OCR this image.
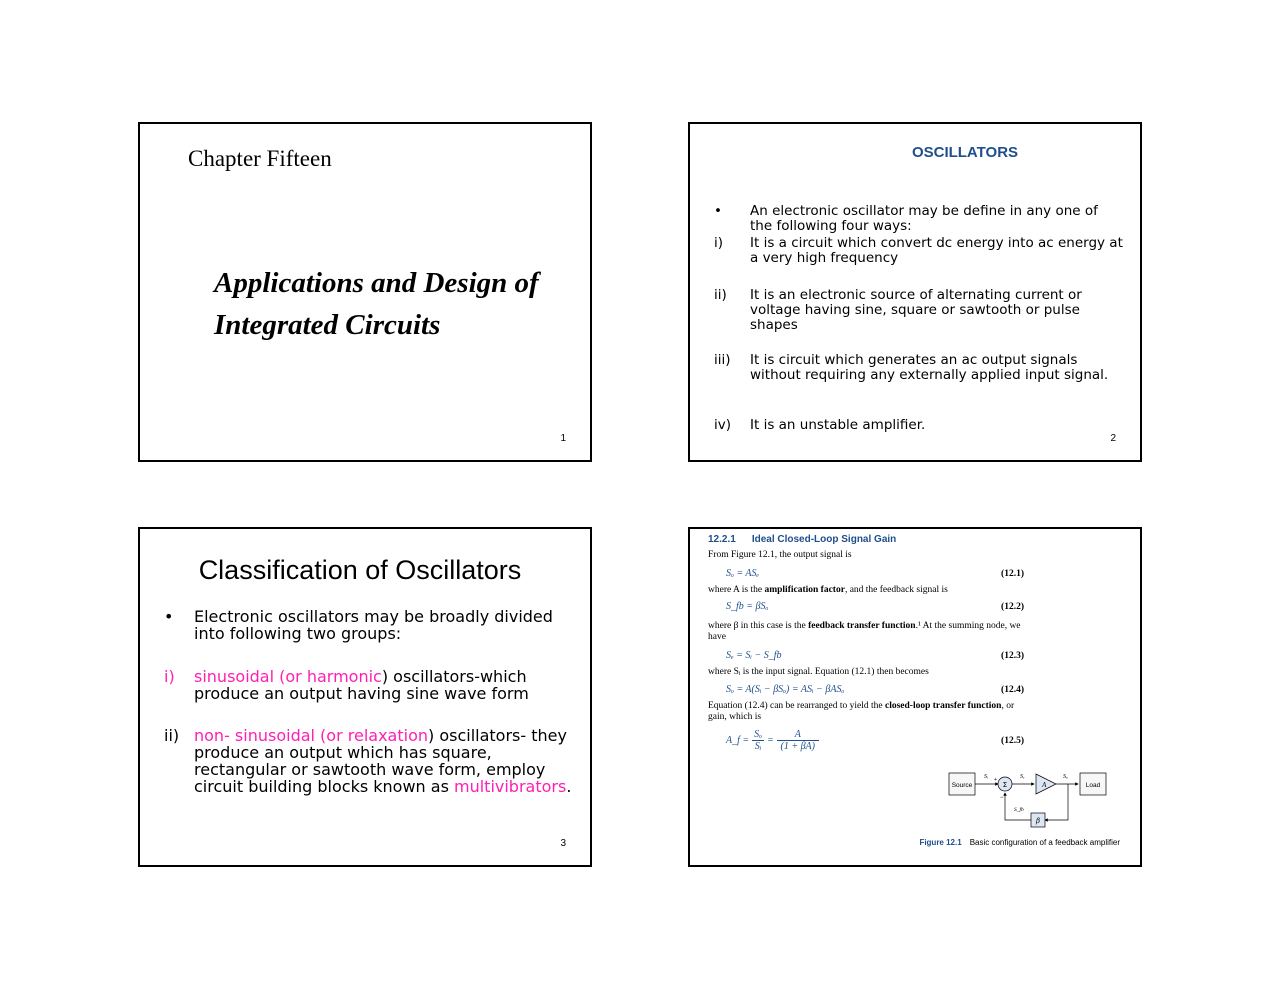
Chapter Fifteen
Applications and Design of
Integrated Circuits
1
OSCILLATORS
• An electronic oscillator may be define in any one of the following four ways:
i) It is a circuit which convert dc energy into ac energy at a very high frequency
ii) It is an electronic source of alternating current or voltage having sine, square or sawtooth or pulse shapes
iii) It is circuit which generates an ac output signals without requiring any externally applied input signal.
iv) It is an unstable amplifier.
2
Classification of Oscillators
• Electronic oscillators may be broadly divided into following two groups:
i) sinusoidal (or harmonic) oscillators-which
produce an output having sine wave form
ii) non- sinusoidal (or relaxation) oscillators- they produce an output which has square, rectangular or sawtooth wave form, employ circuit building blocks known as multivibrators.
3
12.2.1 Ideal Closed-Loop Signal Gain
From Figure 12.1, the output signal is
Sₒ = ASₑ	(12.1)
where A is the amplification factor, and the feedback signal is
S_fb = βSₒ	(12.2)
where β in this case is the feedback transfer function.¹ At the summing node, we have
Sₑ = Sᵢ − S_fb	(12.3)
where Sᵢ is the input signal. Equation (12.1) then becomes
Sₒ = A(Sᵢ − βSₒ) = ASᵢ − βASₒ	(12.4)
Equation (12.4) can be rearranged to yield the closed-loop transfer function, or gain, which is
A_f = $\frac{\text{Sₒ}}{\text{Sᵢ}} = \frac{A}{(1 + \beta A)}$	(12.5)
Source
Sᵢ +
Σ
Sₑ
A
Sₒ
Load
β
S_fb
−
Figure 12.1 Basic configuration of a feedback amplifier
